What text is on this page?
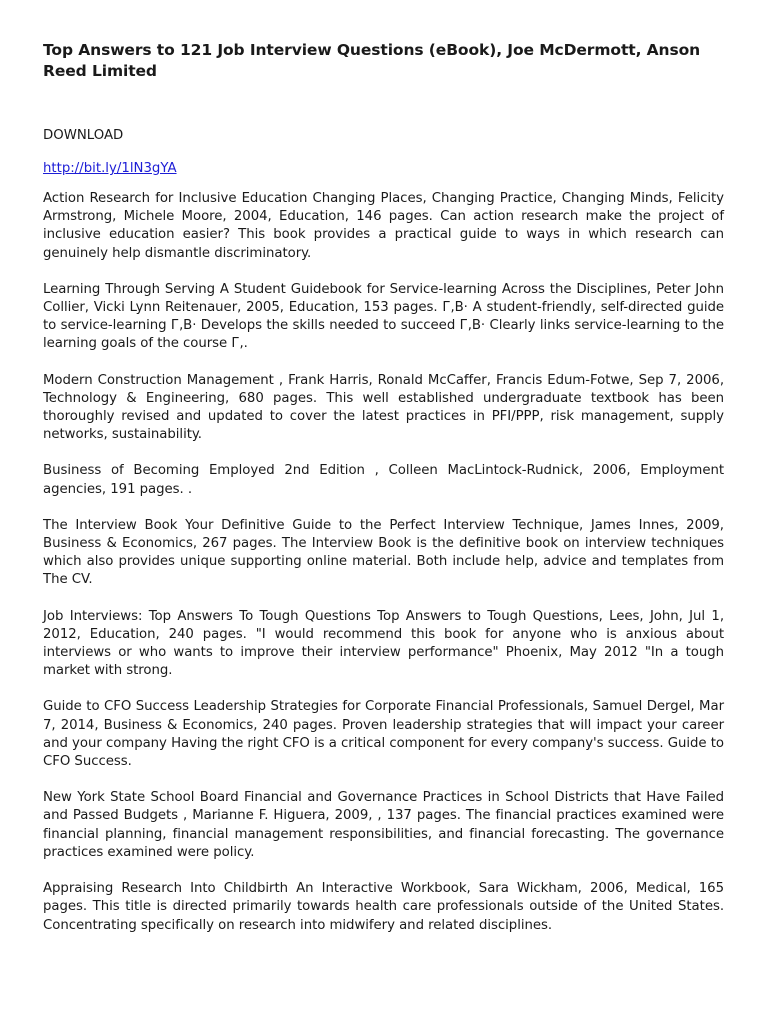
Top Answers to 121 Job Interview Questions (eBook), Joe McDermott, Anson Reed Limited
DOWNLOAD
http://bit.ly/1lN3gYA

Action Research for Inclusive Education Changing Places, Changing Practice, Changing Minds, Felicity Armstrong, Michele Moore, 2004, Education, 146 pages. Can action research make the project of inclusive education easier? This book provides a practical guide to ways in which research can genuinely help dismantle discriminatory.

Learning Through Serving A Student Guidebook for Service-learning Across the Disciplines, Peter John Collier, Vicki Lynn Reitenauer, 2005, Education, 153 pages. Г‚В· A student-friendly, self-directed guide to service-learning Г‚В· Develops the skills needed to succeed Г‚В· Clearly links service-learning to the learning goals of the course Г‚.

Modern Construction Management , Frank Harris, Ronald McCaffer, Francis Edum-Fotwe, Sep 7, 2006, Technology & Engineering, 680 pages. This well established undergraduate textbook has been thoroughly revised and updated to cover the latest practices in PFI/PPP, risk management, supply networks, sustainability.

Business of Becoming Employed 2nd Edition , Colleen MacLintock-Rudnick, 2006, Employment agencies, 191 pages. .

The Interview Book Your Definitive Guide to the Perfect Interview Technique, James Innes, 2009, Business & Economics, 267 pages. The Interview Book is the definitive book on interview techniques which also provides unique supporting online material. Both include help, advice and templates from The CV.

Job Interviews: Top Answers To Tough Questions Top Answers to Tough Questions, Lees, John, Jul 1, 2012, Education, 240 pages. "I would recommend this book for anyone who is anxious about interviews or who wants to improve their interview performance" Phoenix, May 2012 "In a tough market with strong.

Guide to CFO Success Leadership Strategies for Corporate Financial Professionals, Samuel Dergel, Mar 7, 2014, Business & Economics, 240 pages. Proven leadership strategies that will impact your career and your company Having the right CFO is a critical component for every company's success. Guide to CFO Success.

New York State School Board Financial and Governance Practices in School Districts that Have Failed and Passed Budgets , Marianne F. Higuera, 2009, , 137 pages. The financial practices examined were financial planning, financial management responsibilities, and financial forecasting. The governance practices examined were policy.

Appraising Research Into Childbirth An Interactive Workbook, Sara Wickham, 2006, Medical, 165 pages. This title is directed primarily towards health care professionals outside of the United States. Concentrating specifically on research into midwifery and related disciplines.
